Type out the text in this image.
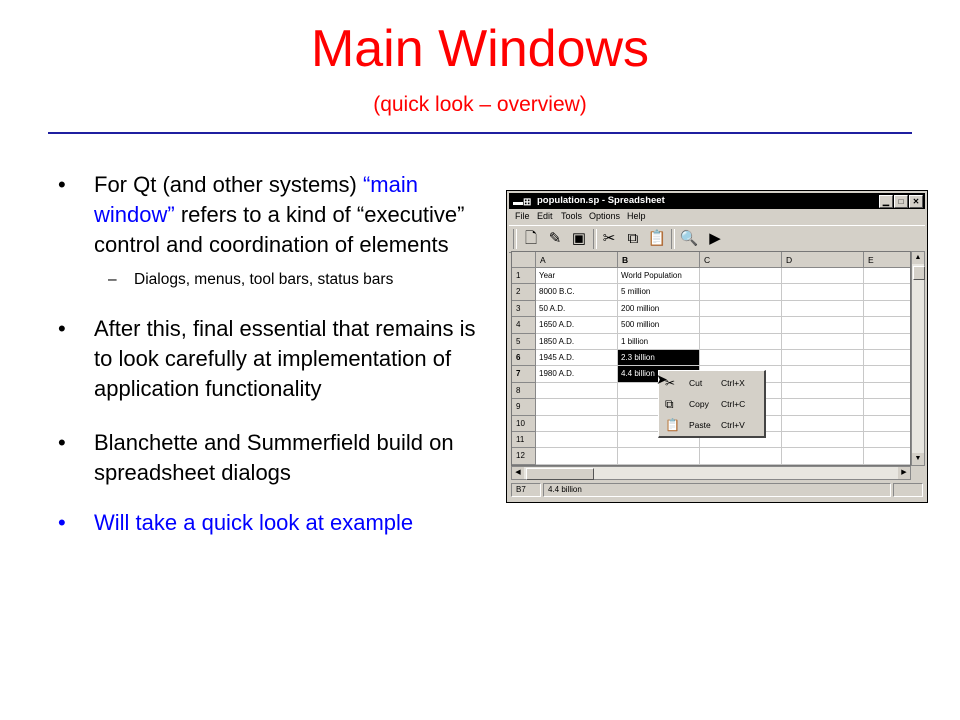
Main Windows
(quick look – overview)
• For Qt (and other systems) “main window” refers to a kind of “executive” control and coordination of elements
– Dialogs, menus, tool bars, status bars
• After this, final essential that remains is to look carefully at implementation of application functionality
• Blanchette and Summerfield build on spreadsheet dialogs
• Will take a quick look at example
▬⊞ population.sp - Spreadsheet	▁	□	✕
File Edit Tools Options Help
🗋 ✎ ▣ ✂ ⧉ 📋 🔍 ▶
A	B	C	D	E
1	Year	World Population
2	8000 B.C.	5 million
3	50 A.D.	200 million
4	1650 A.D.	500 million
5	1850 A.D.	1 billion
6	1945 A.D.	2.3 billion
7	1980 A.D.	4.4 billion
8
9
10
11
12
▲
▼
◀	▶
B7	4.4 billion
✂ Cut Ctrl+X
⧉ Copy Ctrl+C
📋 Paste Ctrl+V
➤
